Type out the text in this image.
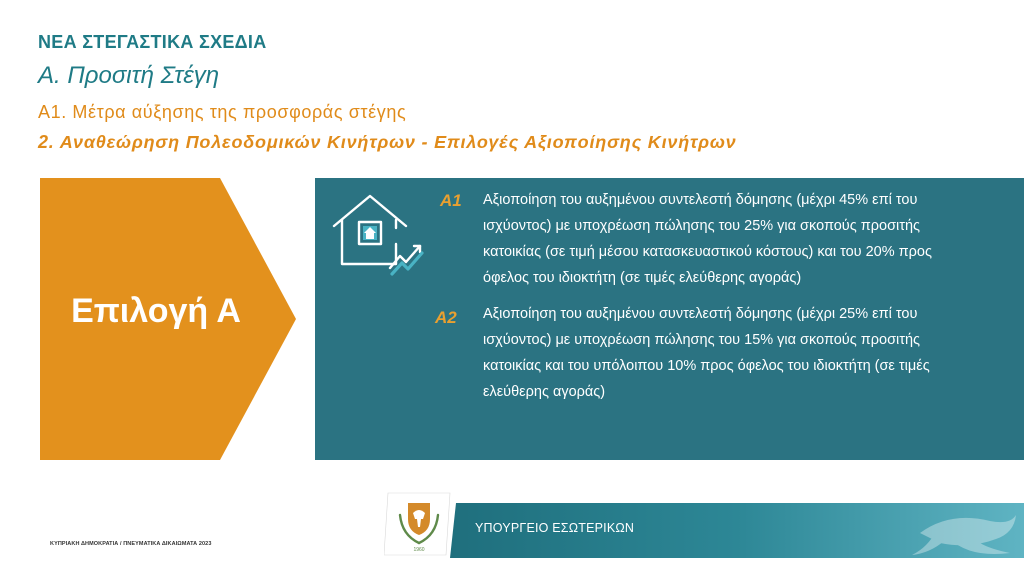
ΝΕΑ ΣΤΕΓΑΣΤΙΚΑ ΣΧΕΔΙΑ
Α. Προσιτή Στέγη
Α1. Μέτρα αύξησης της προσφοράς στέγης
2. Αναθεώρηση Πολεοδομικών Κινήτρων - Επιλογές Αξιοποίησης Κινήτρων
Επιλογή Α
Α1 Αξιοποίηση του αυξημένου συντελεστή δόμησης (μέχρι 45% επί του
ισχύοντος) με υποχρέωση πώλησης του 25% για σκοπούς προσιτής
κατοικίας (σε τιμή μέσου κατασκευαστικού κόστους) και του 20% προς
όφελος του ιδιοκτήτη (σε τιμές ελεύθερης αγοράς)
Α2 Αξιοποίηση του αυξημένου συντελεστή δόμησης (μέχρι 25% επί του
ισχύοντος) με υποχρέωση πώλησης του 15% για σκοπούς προσιτής
κατοικίας και του υπόλοιπου 10% προς όφελος του ιδιοκτήτη (σε τιμές
ελεύθερης αγοράς)
1960
ΥΠΟΥΡΓΕΙΟ ΕΣΩΤΕΡΙΚΩΝ
ΚΥΠΡΙΑΚΗ ΔΗΜΟΚΡΑΤΙΑ / ΠΝΕΥΜΑΤΙΚΑ ΔΙΚΑΙΩΜΑΤΑ 2023
